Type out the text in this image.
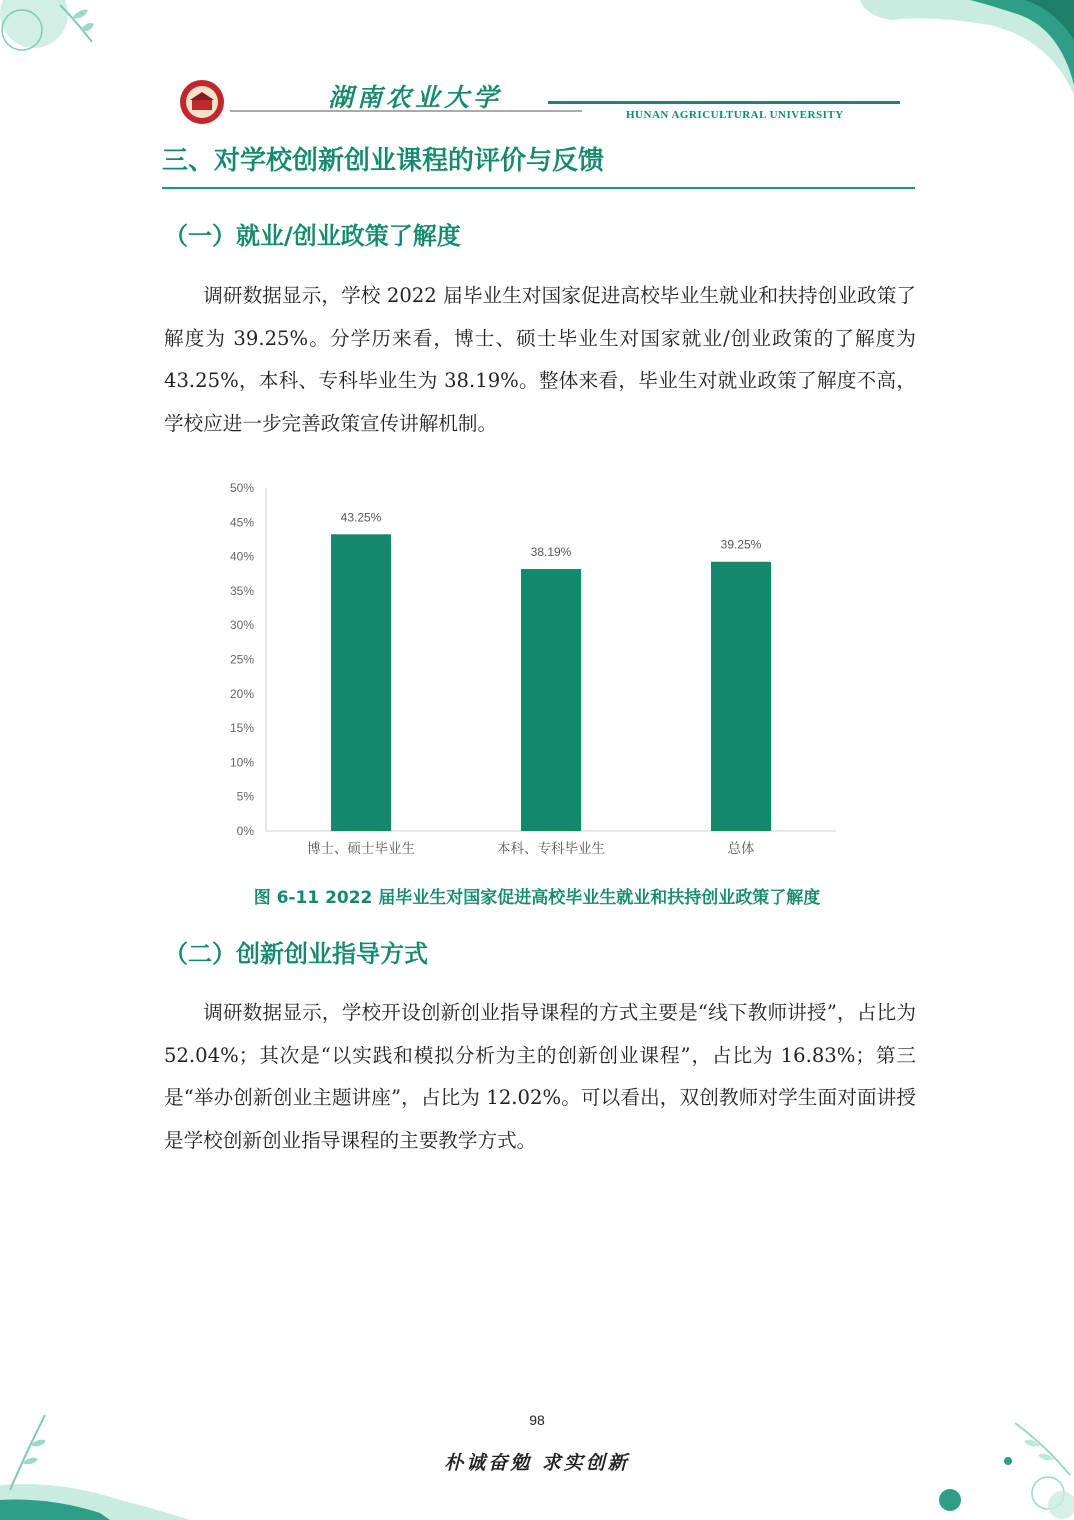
湖南农业大学
HUNAN AGRICULTURAL UNIVERSITY
三、对学校创新创业课程的评价与反馈
（一）就业/创业政策了解度

调研数据显示，学校 2022 届毕业生对国家促进高校毕业生就业和扶持创业政策了解度为 39.25%。分学历来看，博士、硕士毕业生对国家就业/创业政策的了解度为 43.25%，本科、专科毕业生为 38.19%。整体来看，毕业生对就业政策了解度不高，学校应进一步完善政策宣传讲解机制。

0%
5%
10%
15%
20%
25%
30%
35%
40%
45%
50%
43.25%
38.19%
39.25%
博士、硕士毕业生	本科、专科毕业生	总体
图 6-11 2022 届毕业生对国家促进高校毕业生就业和扶持创业政策了解度
（二）创新创业指导方式

调研数据显示，学校开设创新创业指导课程的方式主要是“线下教师讲授”，占比为 52.04%；其次是“以实践和模拟分析为主的创新创业课程”，占比为 16.83%；第三是“举办创新创业主题讲座”，占比为 12.02%。可以看出，双创教师对学生面对面讲授是学校创新创业指导课程的主要教学方式。

98
朴诚奋勉 求实创新
